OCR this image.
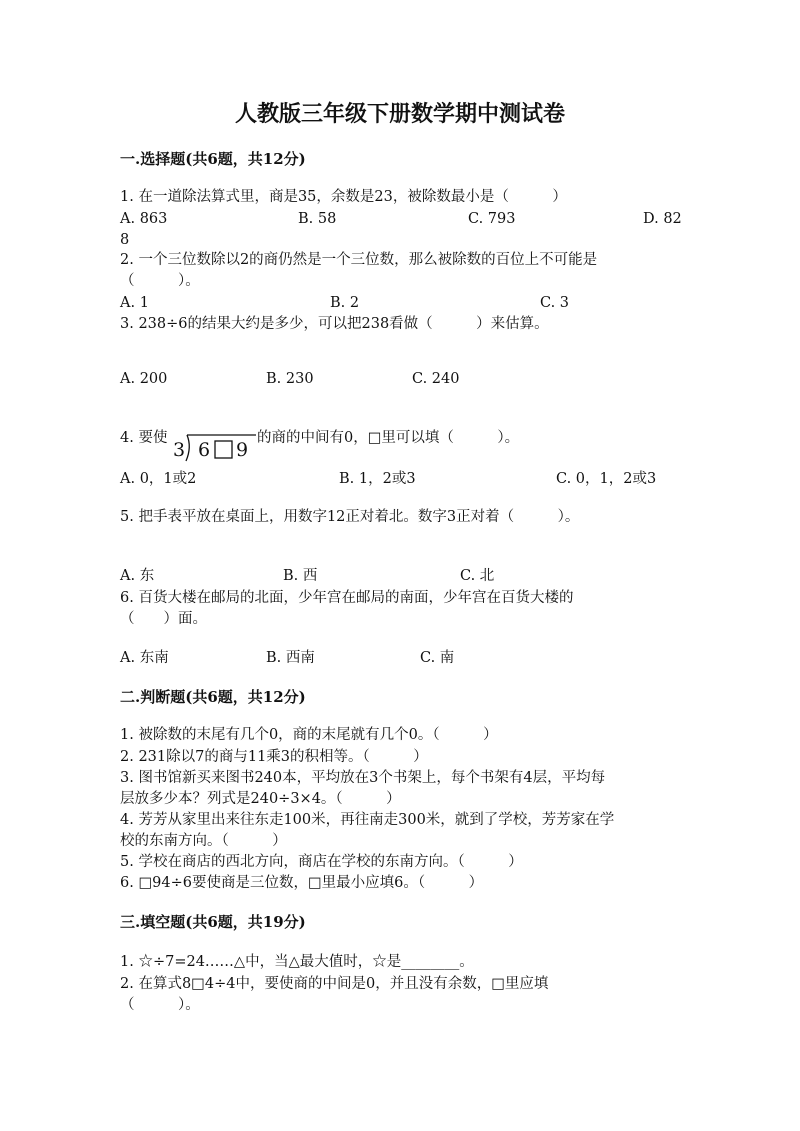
人教版三年级下册数学期中测试卷
一.选择题(共6题，共12分)
1. 在一道除法算式里，商是35，余数是23，被除数最小是（　　　）
A. 863	B. 58	C. 793	D. 82
8
2. 一个三位数除以2的商仍然是一个三位数，那么被除数的百位上不可能是
（　　　）。
A. 1	B. 2	C. 3
3. 238÷6的结果大约是多少，可以把238看做（　　　）来估算。
A. 200	B. 230	C. 240
4. 要使
3 6 9
的商的中间有0，□里可以填（　　　）。
A. 0，1或2	B. 1，2或3	C. 0，1，2或3
5. 把手表平放在桌面上，用数字12正对着北。数字3正对着（　　　）。
A. 东	B. 西	C. 北
6. 百货大楼在邮局的北面，少年宫在邮局的南面，少年宫在百货大楼的
（　　）面。
A. 东南	B. 西南	C. 南
二.判断题(共6题，共12分)
1. 被除数的末尾有几个0，商的末尾就有几个0。（　　　）
2. 231除以7的商与11乘3的积相等。（　　　）
3. 图书馆新买来图书240本，平均放在3个书架上，每个书架有4层，平均每
层放多少本？列式是240÷3×4。（　　　）
4. 芳芳从家里出来往东走100米，再往南走300米，就到了学校，芳芳家在学
校的东南方向。（　　　）
5. 学校在商店的西北方向，商店在学校的东南方向。（　　　）
6. □94÷6要使商是三位数，□里最小应填6。（　　　）
三.填空题(共6题，共19分)
1. ☆÷7=24……△中，当△最大值时，☆是________。
2. 在算式8□4÷4中，要使商的中间是0，并且没有余数，□里应填
（　　　）。
